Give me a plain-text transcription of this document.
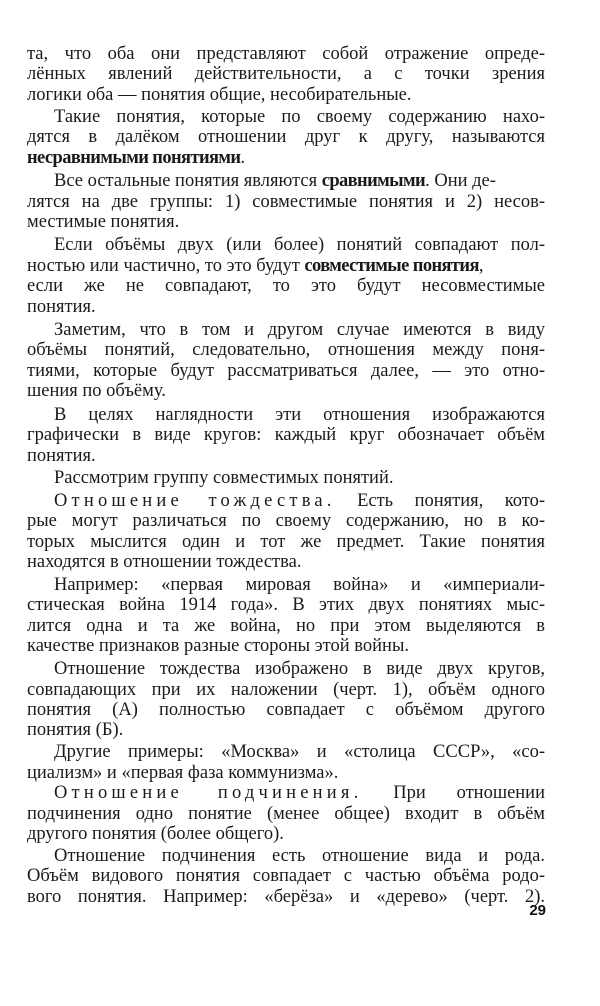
та, что оба они представляют собой отражение опреде-
лённых явлений действительности, а с точки зрения
логики оба — понятия общие, несобирательные.
Такие понятия, которые по своему содержанию нахо-
дятся в далёком отношении друг к другу, называются
несравнимыми понятиями.
Все остальные понятия являются сравнимыми. Они де-
лятся на две группы: 1) совместимые понятия и 2) несов-
местимые понятия.
Если объёмы двух (или более) понятий совпадают пол-
ностью или частично, то это будут совместимые понятия,
если же не совпадают, то это будут несовместимые
понятия.
Заметим, что в том и другом случае имеются в виду
объёмы понятий, следовательно, отношения между поня-
тиями, которые будут рассматриваться далее, — это отно-
шения по объёму.
В целях наглядности эти отношения изображаются
графически в виде кругов: каждый круг обозначает объём
понятия.
Рассмотрим группу совместимых понятий.
Отношение тождества. Есть понятия, кото-
рые могут различаться по своему содержанию, но в ко-
торых мыслится один и тот же предмет. Такие понятия
находятся в отношении тождества.
Например: «первая мировая война» и «империали-
стическая война 1914 года». В этих двух понятиях мыс-
лится одна и та же война, но при этом выделяются в
качестве признаков разные стороны этой войны.
Отношение тождества изображено в виде двух кругов,
совпадающих при их наложении (черт. 1), объём одного
понятия (А) полностью совпадает с объёмом другого
понятия (Б).
Другие примеры: «Москва» и «столица СССР», «со-
циализм» и «первая фаза коммунизма».
Отношение подчинения. При отношении
подчинения одно понятие (менее общее) входит в объём
другого понятия (более общего).
Отношение подчинения есть отношение вида и рода.
Объём видового понятия совпадает с частью объёма родо-
вого понятия. Например: «берёза» и «дерево» (черт. 2).
29
